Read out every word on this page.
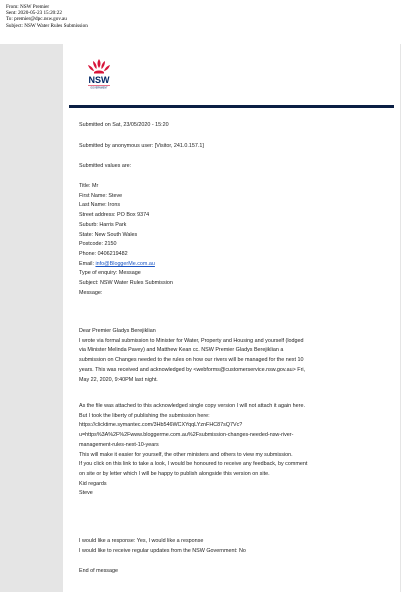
From: NSW Premier
Sent: 2020-05-23 15:20:22
To: premier@dpc.nsw.gov.au
Subject: NSW Water Rules Submission
NSW
GOVERNMENT
Submitted on Sat, 23/05/2020 - 15:20
Submitted by anonymous user: [Visitor, 241.0.157.1]
Submitted values are:
Title: Mr
First Name: Steve
Last Name: Irons
Street address: PO Box 9374
Suburb: Harris Park
State: New South Wales
Postcode: 2150
Phone: 0406219482
Email: info@BloggerMe.com.au
Type of enquiry: Message
Subject: NSW Water Rules Submission
Message:
Dear Premier Gladys Berejiklian
I wrote via formal submission to Minister for Water, Property and Housing and yourself (lodged
via Minister Melinda Pavey) and Matthew Kean cc. NSW Premier Gladys Berejiklian a
submission on Changes needed to the rules on how our rivers will be managed for the next 10
years. This was received and acknowledged by <webforms@customerservice.nsw.gov.au> Fri,
May 22, 2020, 9:40PM last night.
As the file was attached to this acknowledged single copy version I will not attach it again here.
But I took the liberty of publishing the submission here:
https://clicktime.symantec.com/3Hb546WCXYqqLYznFHC87sQ7Vc?
u=https%3A%2F%2Fwww.bloggerme.com.au%2Fsubmission-changes-needed-nsw-river-
management-rules-next-10-years
This will make it easier for yourself, the other ministers and others to view my submission.
If you click on this link to take a look, I would be honoured to receive any feedback, by comment
on site or by letter which I will be happy to publish alongside this version on site.
Kid regards
Steve
I would like a response: Yes, I would like a response
I would like to receive regular updates from the NSW Government: No
End of message
